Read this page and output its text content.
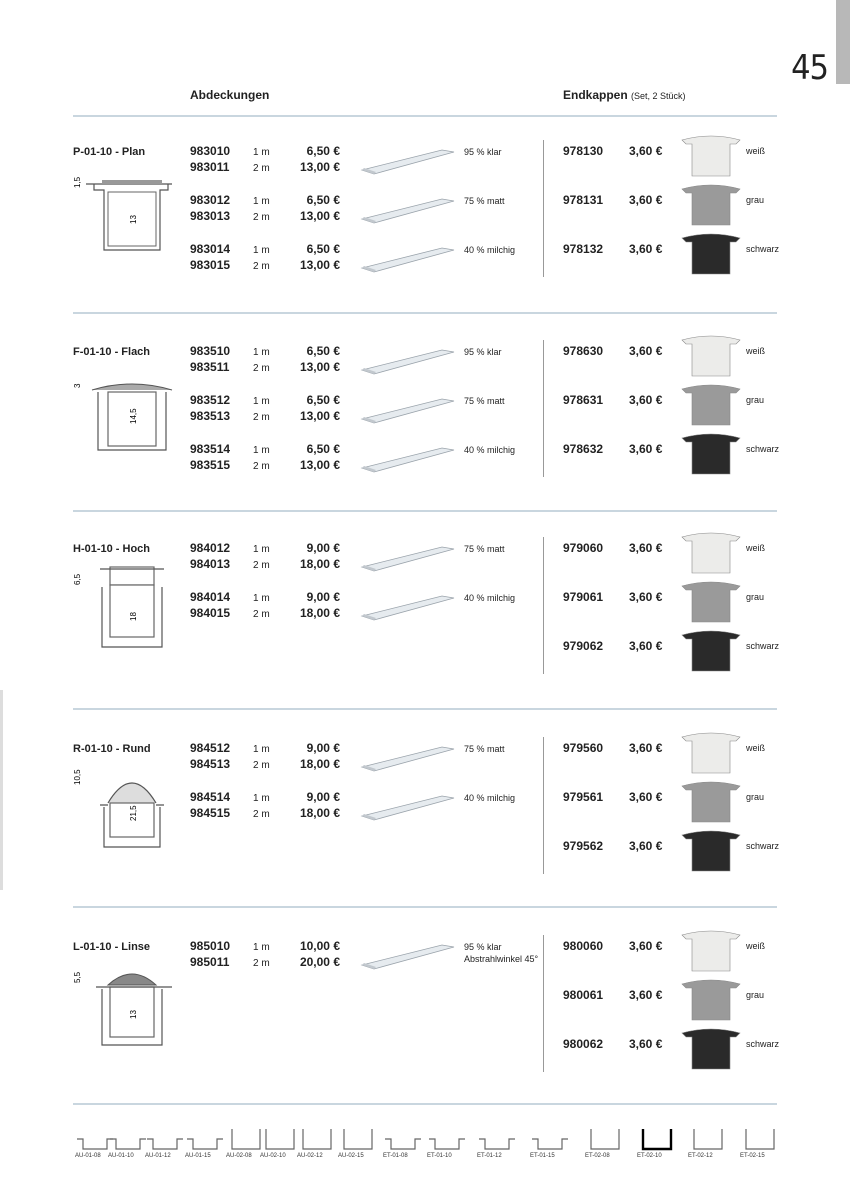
45
Abdeckungen	Endkappen (Set, 2 Stück)
P-01-10 - Plan
1,5
13
983010 1 m	6,50 €
983011 2 m	13,00 €
95 % klar
983012 1 m	6,50 €
983013 2 m	13,00 €
75 % matt
983014 1 m	6,50 €
983015 2 m	13,00 €
40 % milchig
978130 3,60 €	weiß
978131 3,60 €	grau
978132 3,60 €	schwarz
F-01-10 - Flach
3
14,5
983510 1 m	6,50 €
983511 2 m	13,00 €
95 % klar
983512 1 m	6,50 €
983513 2 m	13,00 €
75 % matt
983514 1 m	6,50 €
983515 2 m	13,00 €
40 % milchig
978630 3,60 €	weiß
978631 3,60 €	grau
978632 3,60 €	schwarz
H-01-10 - Hoch
6,5
18
984012 1 m	9,00 €
984013 2 m	18,00 €
75 % matt
984014 1 m	9,00 €
984015 2 m	18,00 €
40 % milchig
979060 3,60 €	weiß
979061 3,60 €	grau
979062 3,60 €	schwarz
R-01-10 - Rund
10,5
21,5
984512 1 m	9,00 €
984513 2 m	18,00 €
75 % matt
984514 1 m	9,00 €
984515 2 m	18,00 €
40 % milchig
979560 3,60 €	weiß
979561 3,60 €	grau
979562 3,60 €	schwarz
L-01-10 - Linse
5,5
13
985010 1 m	10,00 €
985011 2 m	20,00 €
95 % klar
Abstrahlwinkel 45°
980060 3,60 €	weiß
980061 3,60 €	grau
980062 3,60 €	schwarz
AU-01-08 AU-01-10 AU-01-12 AU-01-15	AU-02-08 AU-02-10 AU-02-12	AU-02-15	ET-01-08	ET-01-10	ET-01-12	ET-01-15	ET-02-08	ET-02-10	ET-02-12	ET-02-15
